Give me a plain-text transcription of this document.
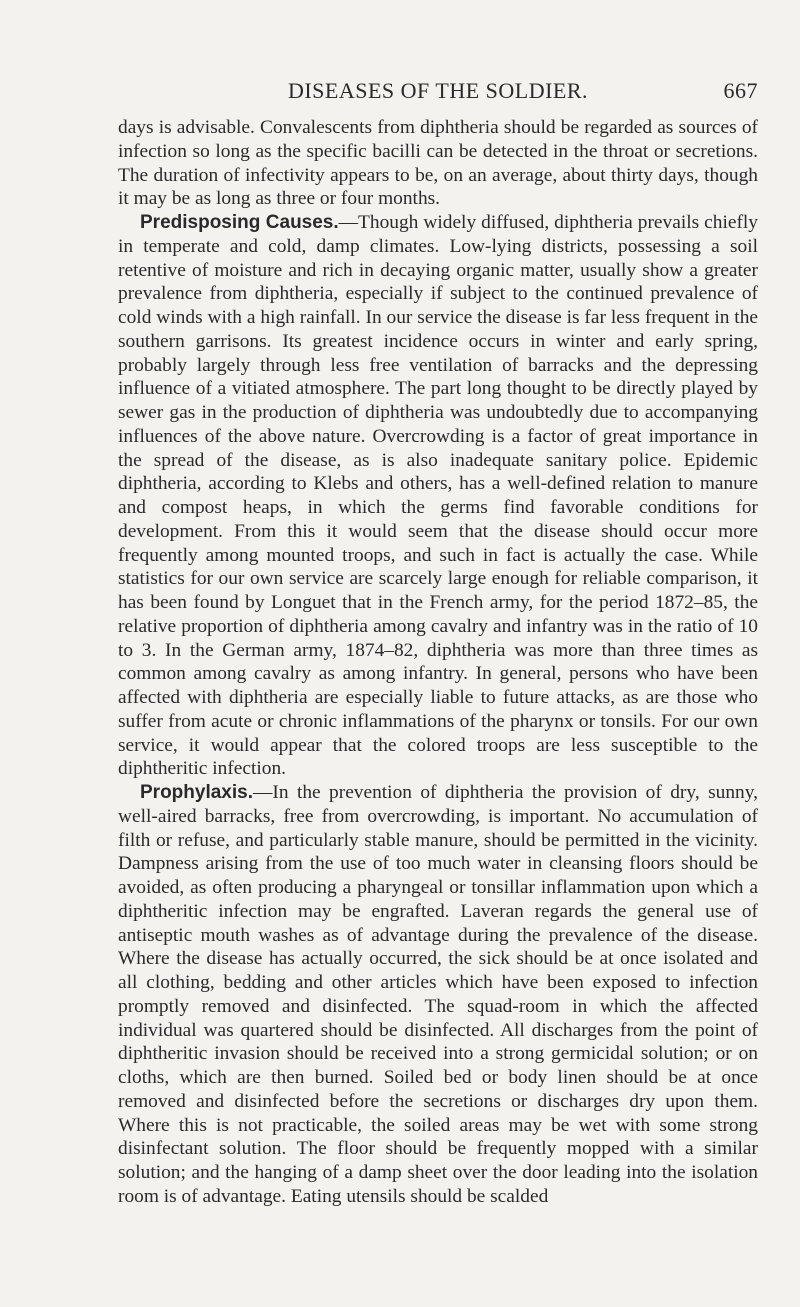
DISEASES OF THE SOLDIER.	667

days is advisable. Convalescents from diphtheria should be regarded as sources of infection so long as the specific bacilli can be detected in the throat or secretions. The duration of infectivity appears to be, on an average, about thirty days, though it may be as long as three or four months.

Predisposing Causes.—Though widely diffused, diphtheria prevails chiefly in temperate and cold, damp climates. Low-lying districts, possessing a soil retentive of moisture and rich in decaying organic matter, usually show a greater prevalence from diphtheria, especially if subject to the continued prevalence of cold winds with a high rainfall. In our service the disease is far less frequent in the southern garrisons. Its greatest incidence occurs in winter and early spring, probably largely through less free ventilation of barracks and the depressing influence of a vitiated atmosphere. The part long thought to be directly played by sewer gas in the production of diphtheria was undoubtedly due to accompanying influences of the above nature. Overcrowding is a factor of great importance in the spread of the disease, as is also inadequate sanitary police. Epidemic diphtheria, according to Klebs and others, has a well-defined relation to manure and compost heaps, in which the germs find favorable conditions for development. From this it would seem that the disease should occur more frequently among mounted troops, and such in fact is actually the case. While statistics for our own service are scarcely large enough for reliable comparison, it has been found by Longuet that in the French army, for the period 1872–85, the relative proportion of diphtheria among cavalry and infantry was in the ratio of 10 to 3. In the German army, 1874–82, diphtheria was more than three times as common among cavalry as among infantry. In general, persons who have been affected with diphtheria are especially liable to future attacks, as are those who suffer from acute or chronic inflammations of the pharynx or tonsils. For our own service, it would appear that the colored troops are less susceptible to the diphtheritic infection.

Prophylaxis.—In the prevention of diphtheria the provision of dry, sunny, well-aired barracks, free from overcrowding, is important. No accumulation of filth or refuse, and particularly stable manure, should be permitted in the vicinity. Dampness arising from the use of too much water in cleansing floors should be avoided, as often producing a pharyngeal or tonsillar inflammation upon which a diphtheritic infection may be engrafted. Laveran regards the general use of antiseptic mouth washes as of advantage during the prevalence of the disease. Where the disease has actually occurred, the sick should be at once isolated and all clothing, bedding and other articles which have been exposed to infection promptly removed and disinfected. The squad-room in which the affected individual was quartered should be disinfected. All discharges from the point of diphtheritic invasion should be received into a strong germicidal solution; or on cloths, which are then burned. Soiled bed or body linen should be at once removed and disinfected before the secretions or discharges dry upon them. Where this is not practicable, the soiled areas may be wet with some strong disinfectant solution. The floor should be frequently mopped with a similar solution; and the hanging of a damp sheet over the door leading into the isolation room is of advantage. Eating utensils should be scalded
